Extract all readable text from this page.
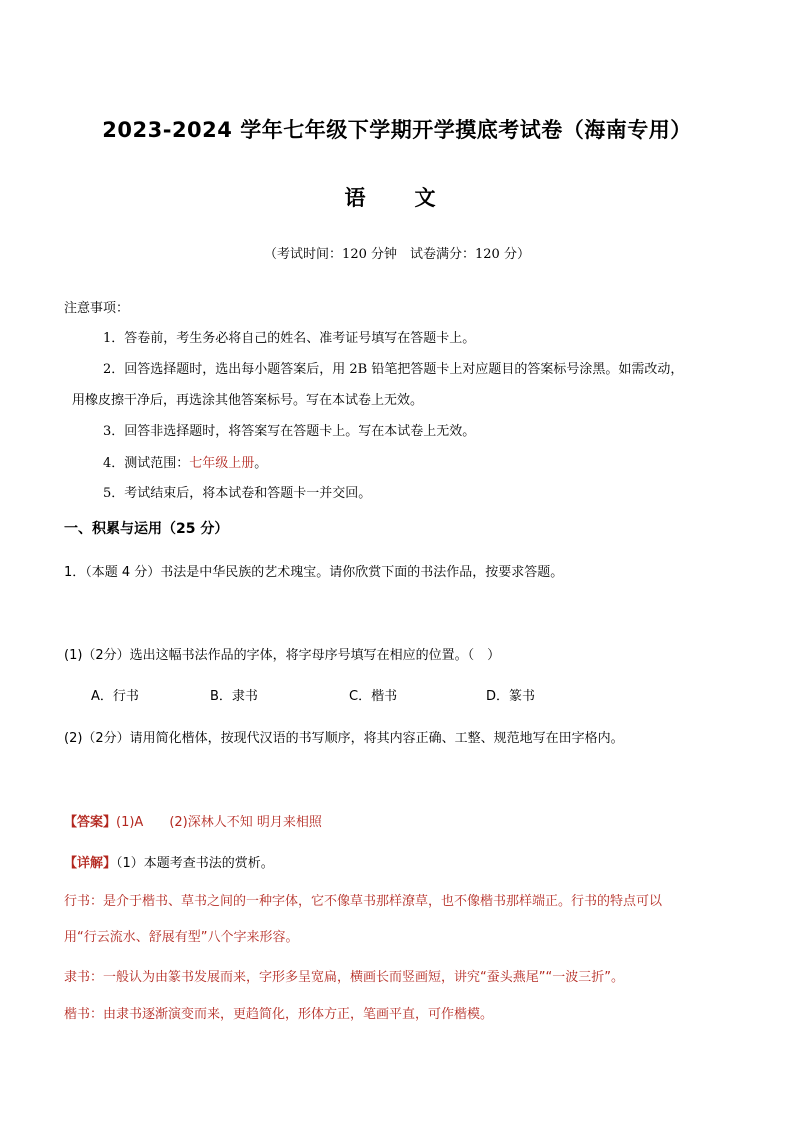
2023-2024 学年七年级下学期开学摸底考试卷（海南专用）
语　文
（考试时间：120 分钟　试卷满分：120 分）
注意事项：
1．答卷前，考生务必将自己的姓名、准考证号填写在答题卡上。
2．回答选择题时，选出每小题答案后，用 2B 铅笔把答题卡上对应题目的答案标号涂黑。如需改动，
用橡皮擦干净后，再选涂其他答案标号。写在本试卷上无效。
3．回答非选择题时，将答案写在答题卡上。写在本试卷上无效。
4．测试范围：七年级上册。
5．考试结束后，将本试卷和答题卡一并交回。
一、积累与运用（25 分）
1．（本题 4 分）书法是中华民族的艺术瑰宝。请你欣赏下面的书法作品，按要求答题。
(1)（2分）选出这幅书法作品的字体，将字母序号填写在相应的位置。（　）
A．行书	B．隶书	C．楷书	D．篆书
(2)（2分）请用简化楷体，按现代汉语的书写顺序，将其内容正确、工整、规范地写在田字格内。
【答案】(1)A (2)深林人不知 明月来相照
【详解】（1）本题考查书法的赏析。
行书：是介于楷书、草书之间的一种字体，它不像草书那样潦草，也不像楷书那样端正。行书的特点可以
用“行云流水、舒展有型”八个字来形容。
隶书：一般认为由篆书发展而来，字形多呈宽扁，横画长而竖画短，讲究“蚕头燕尾”“一波三折”。
楷书：由隶书逐渐演变而来，更趋简化，形体方正，笔画平直，可作楷模。
